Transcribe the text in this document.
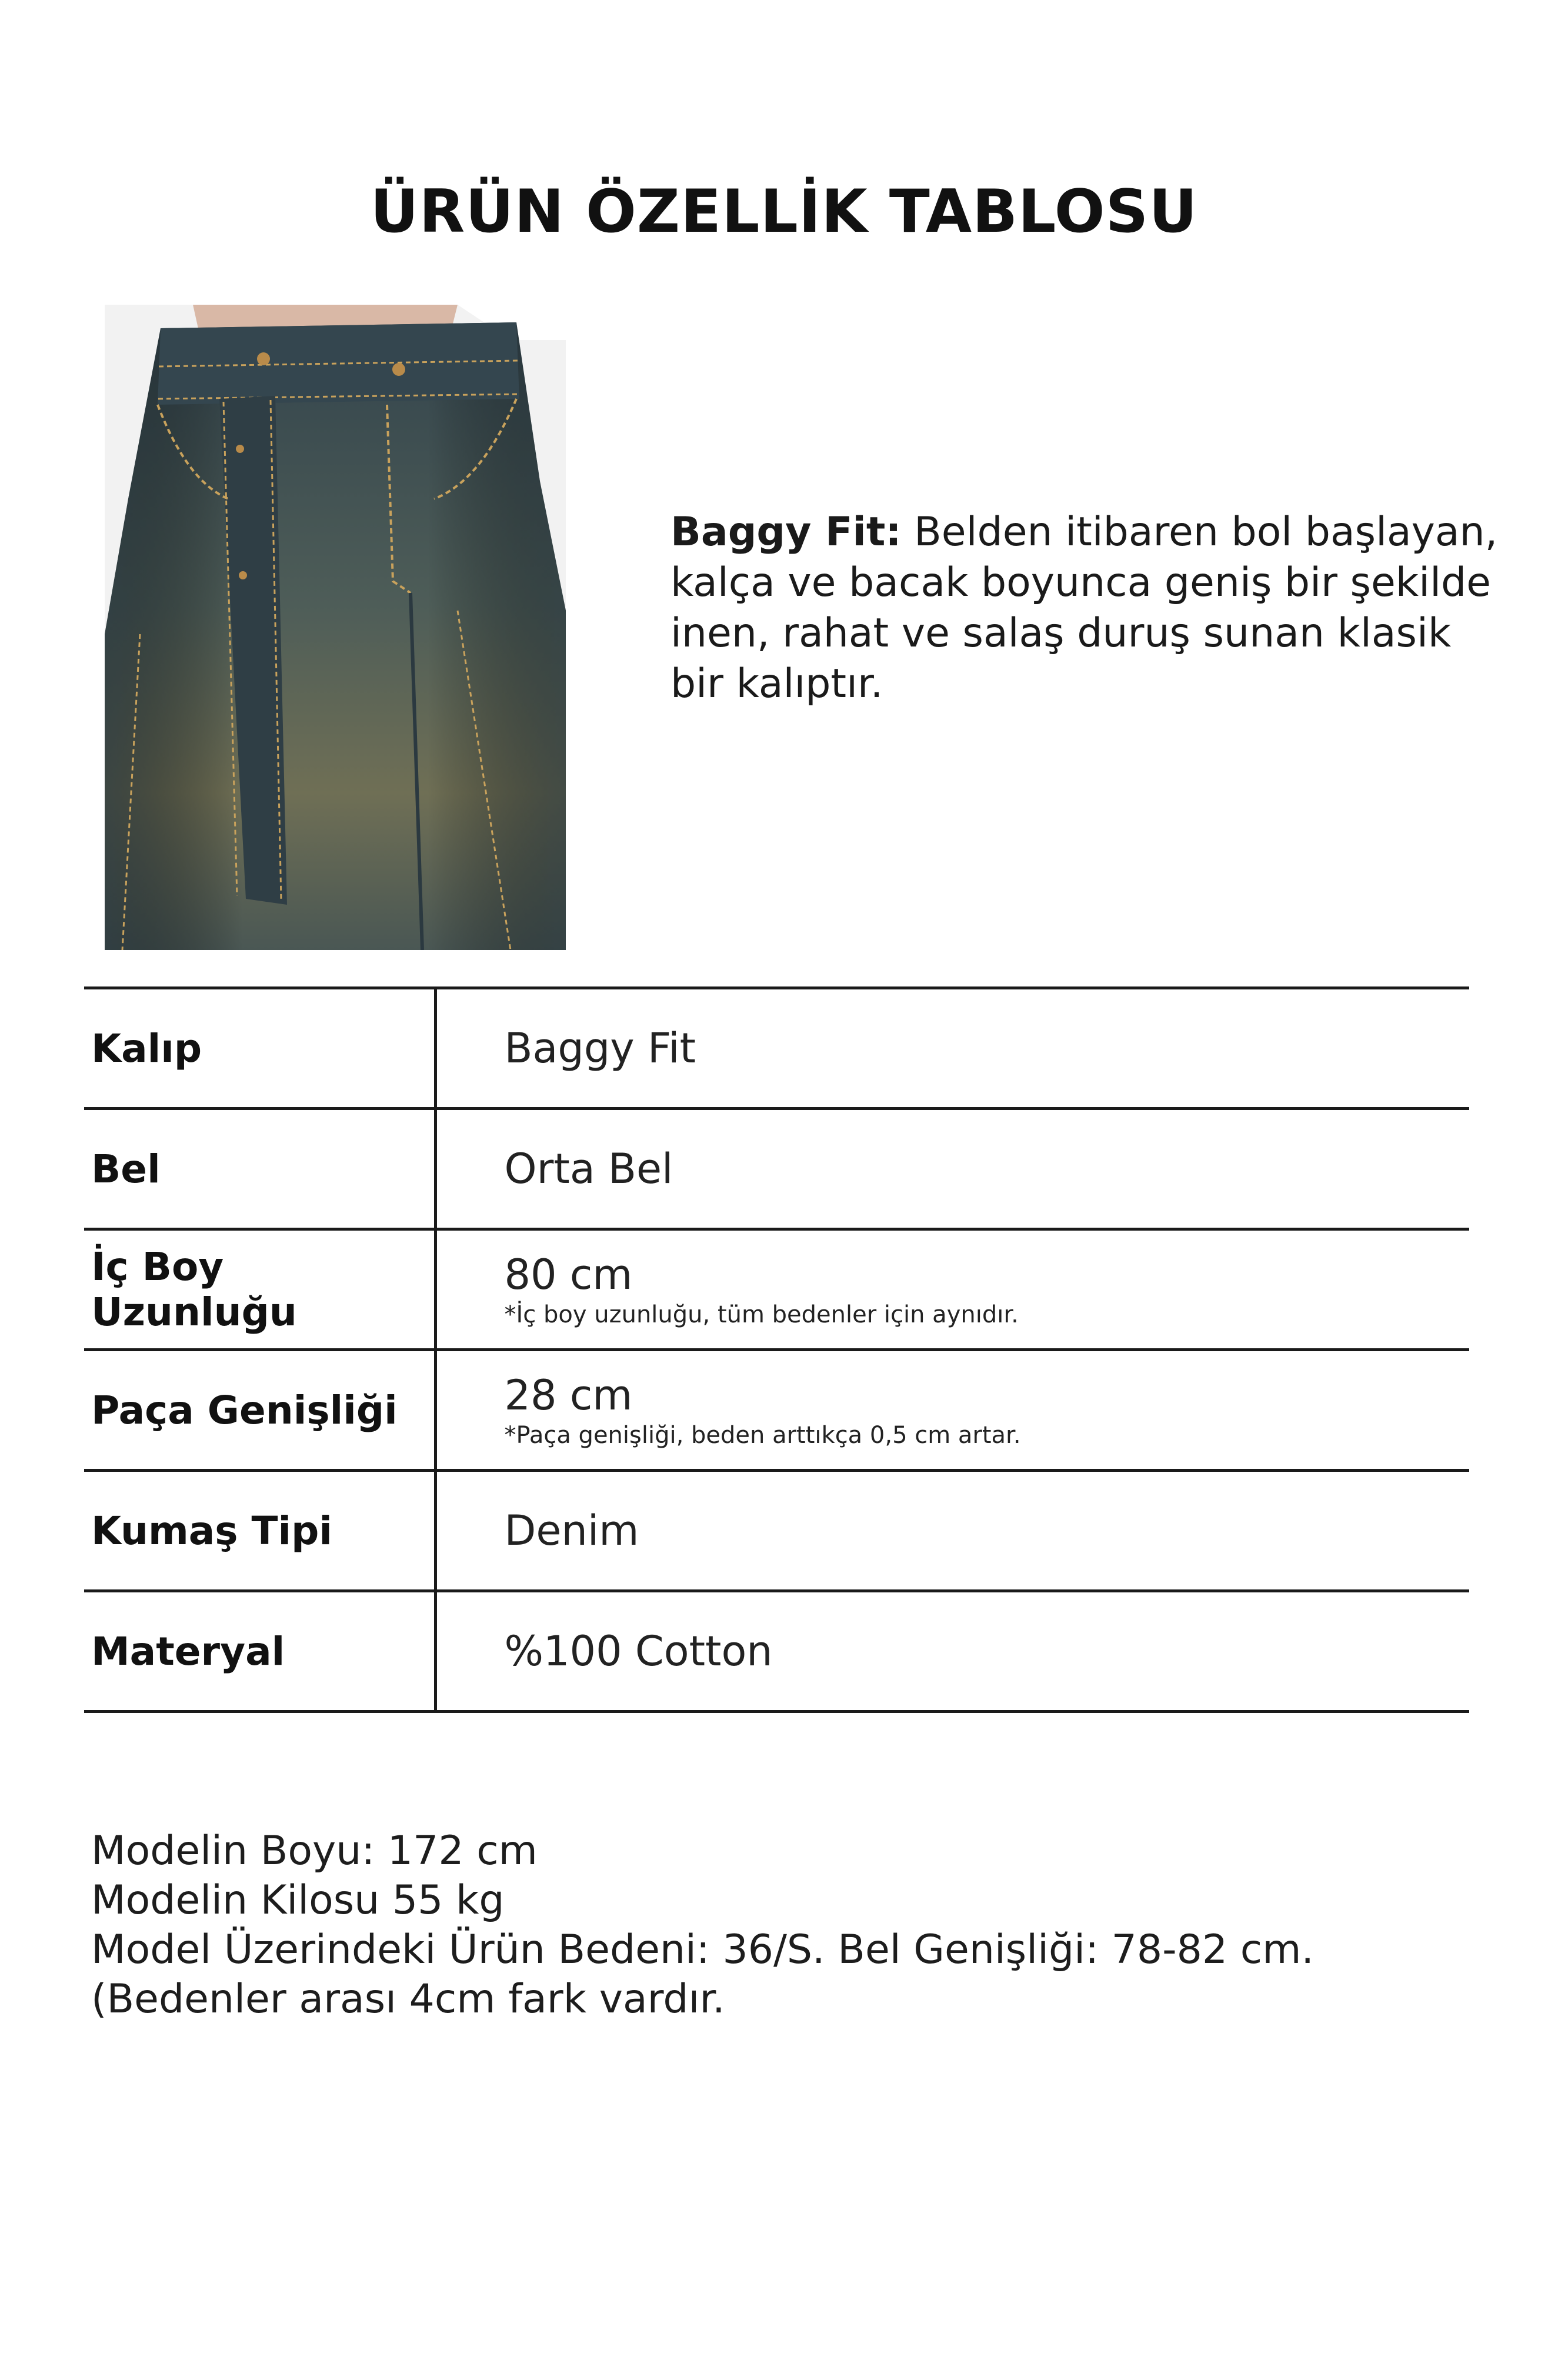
ÜRÜN ÖZELLİK TABLOSU
Baggy Fit: Belden itibaren bol başlayan, kalça ve bacak boyunca geniş bir şekilde inen, rahat ve salaş duruş sunan klasik bir kalıptır.
Kalıp	Baggy Fit

Bel	Orta Bel

İç Boy Uzunluğu	80 cm
*İç boy uzunluğu, tüm bedenler için aynıdır.

Paça Genişliği	28 cm
*Paça genişliği, beden arttıkça 0,5 cm artar.

Kumaş Tipi	Denim

Materyal	%100 Cotton
Modelin Boyu: 172 cm
Modelin Kilosu 55 kg
Model Üzerindeki Ürün Bedeni: 36/S. Bel Genişliği: 78-82 cm. (Bedenler arası 4cm fark vardır.
